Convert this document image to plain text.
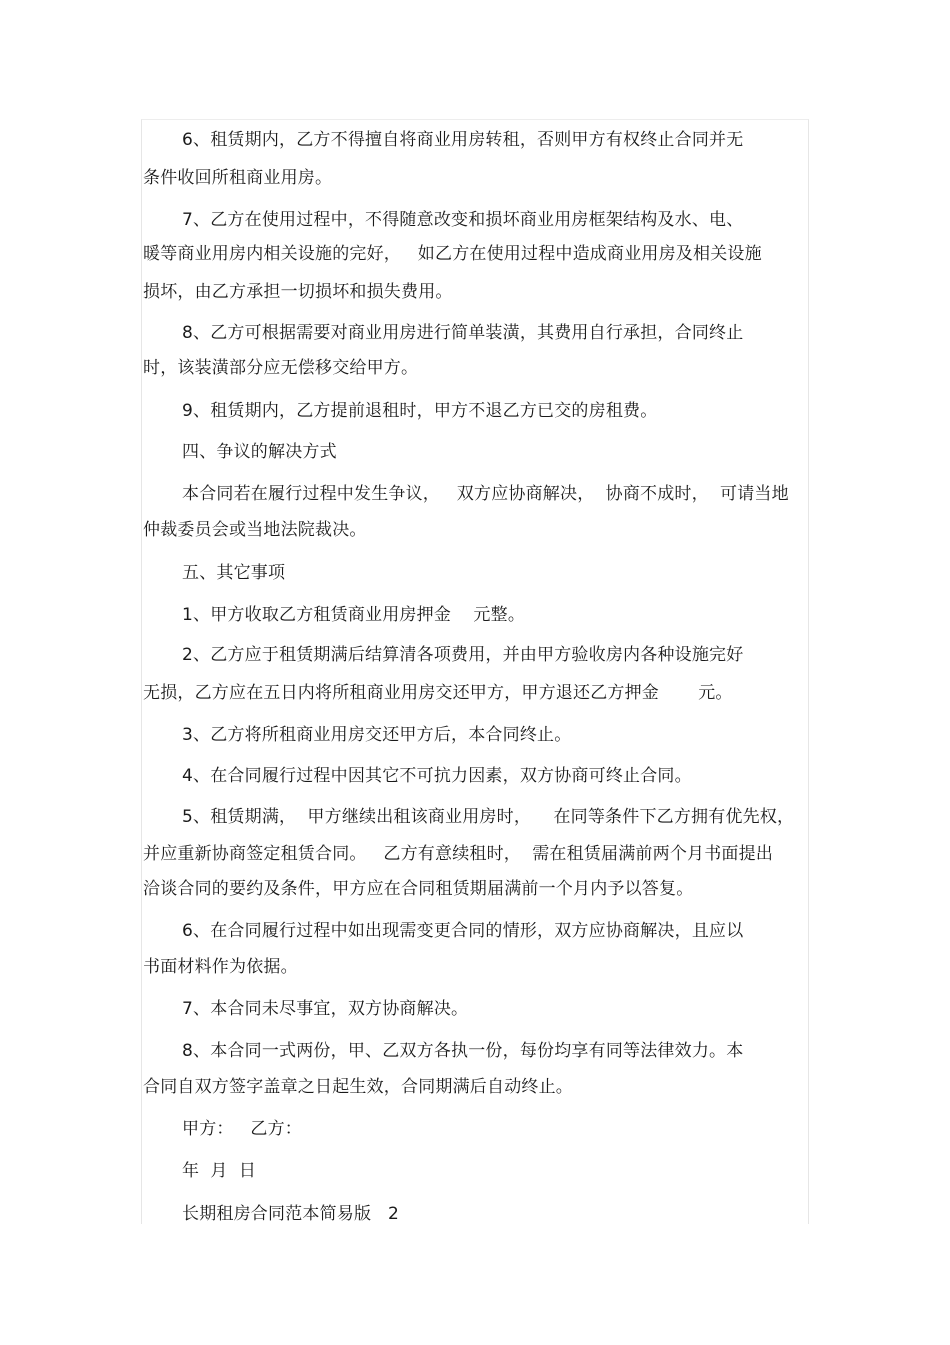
6、租赁期内，乙方不得擅自将商业用房转租，否则甲方有权终止合同并无
条件收回所租商业用房。
7、乙方在使用过程中，不得随意改变和损坏商业用房框架结构及水、电、
暖等商业用房内相关设施的完好，   如乙方在使用过程中造成商业用房及相关设施
损坏，由乙方承担一切损坏和损失费用。
8、乙方可根据需要对商业用房进行简单装潢，其费用自行承担，合同终止
时，该装潢部分应无偿移交给甲方。
9、租赁期内，乙方提前退租时，甲方不退乙方已交的房租费。
四、争议的解决方式
本合同若在履行过程中发生争议，   双方应协商解决，  协商不成时，  可请当地
仲裁委员会或当地法院裁决。
五、其它事项
1、甲方收取乙方租赁商业用房押金    元整。
2、乙方应于租赁期满后结算清各项费用，并由甲方验收房内各种设施完好
无损，乙方应在五日内将所租商业用房交还甲方，甲方退还乙方押金       元。
3、乙方将所租商业用房交还甲方后，本合同终止。
4、在合同履行过程中因其它不可抗力因素，双方协商可终止合同。
5、租赁期满，  甲方继续出租该商业用房时，    在同等条件下乙方拥有优先权，
并应重新协商签定租赁合同。   乙方有意续租时，  需在租赁届满前两个月书面提出
洽谈合同的要约及条件，甲方应在合同租赁期届满前一个月内予以答复。
6、在合同履行过程中如出现需变更合同的情形，双方应协商解决，且应以
书面材料作为依据。
7、本合同未尽事宜，双方协商解决。
8、本合同一式两份，甲、乙双方各执一份，每份均享有同等法律效力。本
合同自双方签字盖章之日起生效，合同期满后自动终止。
甲方：   乙方：
年  月  日
长期租房合同范本简易版   2
